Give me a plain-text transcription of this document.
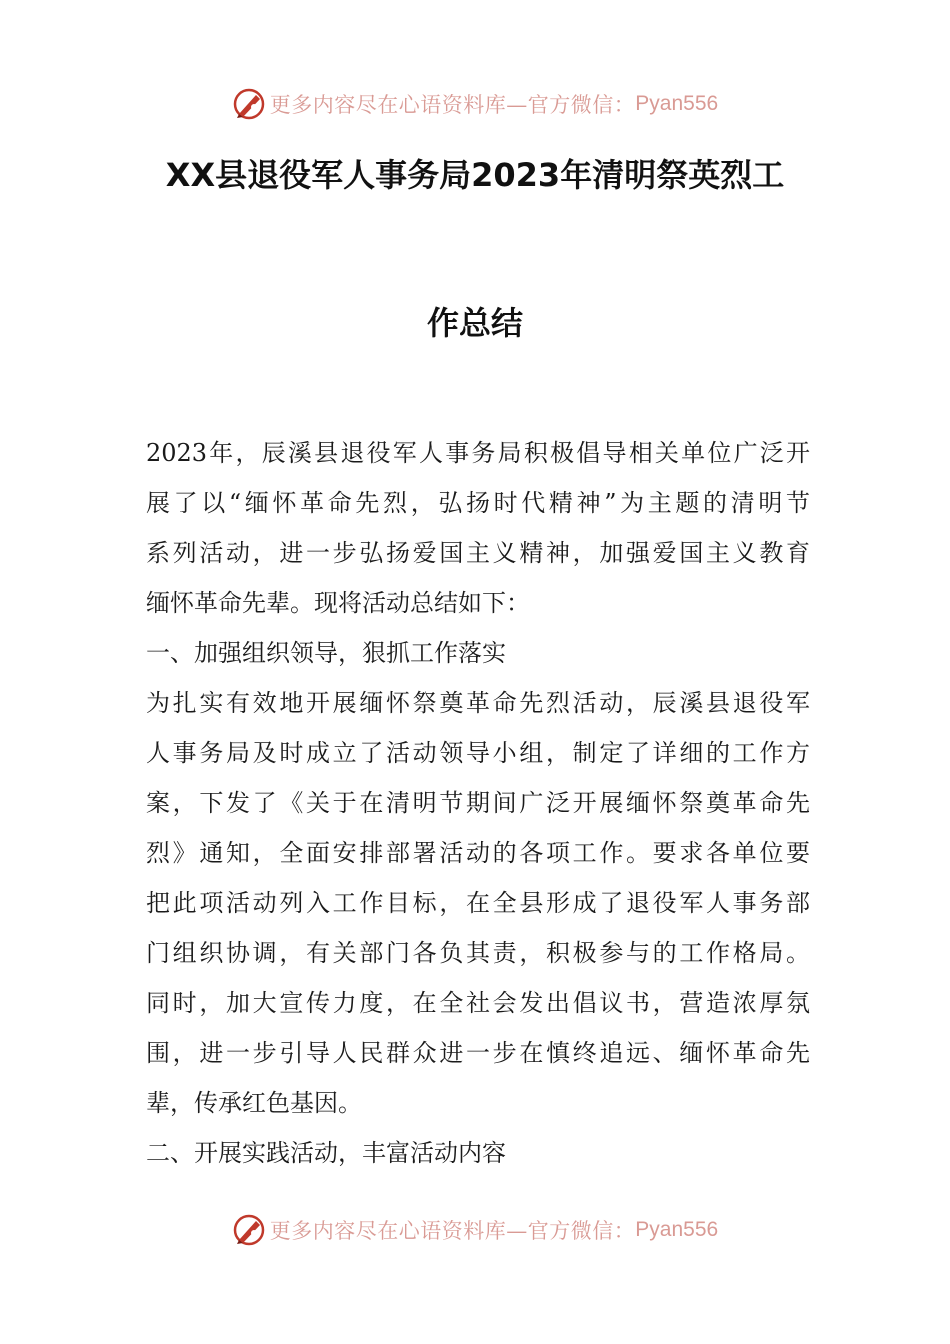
更多内容尽在心语资料库—官方微信： Pyan556
XX县退役军人事务局2023年清明祭英烈工
作总结
2023年，辰溪县退役军人事务局积极倡导相关单位广泛开
展了以“缅怀革命先烈，弘扬时代精神”为主题的清明节
系列活动，进一步弘扬爱国主义精神，加强爱国主义教育
缅怀革命先辈。现将活动总结如下：
一、加强组织领导，狠抓工作落实
为扎实有效地开展缅怀祭奠革命先烈活动，辰溪县退役军
人事务局及时成立了活动领导小组，制定了详细的工作方
案，下发了《关于在清明节期间广泛开展缅怀祭奠革命先
烈》通知，全面安排部署活动的各项工作。要求各单位要
把此项活动列入工作目标，在全县形成了退役军人事务部
门组织协调，有关部门各负其责，积极参与的工作格局。
同时，加大宣传力度，在全社会发出倡议书，营造浓厚氛
围，进一步引导人民群众进一步在慎终追远、缅怀革命先
辈，传承红色基因。
二、开展实践活动，丰富活动内容
更多内容尽在心语资料库—官方微信： Pyan556
